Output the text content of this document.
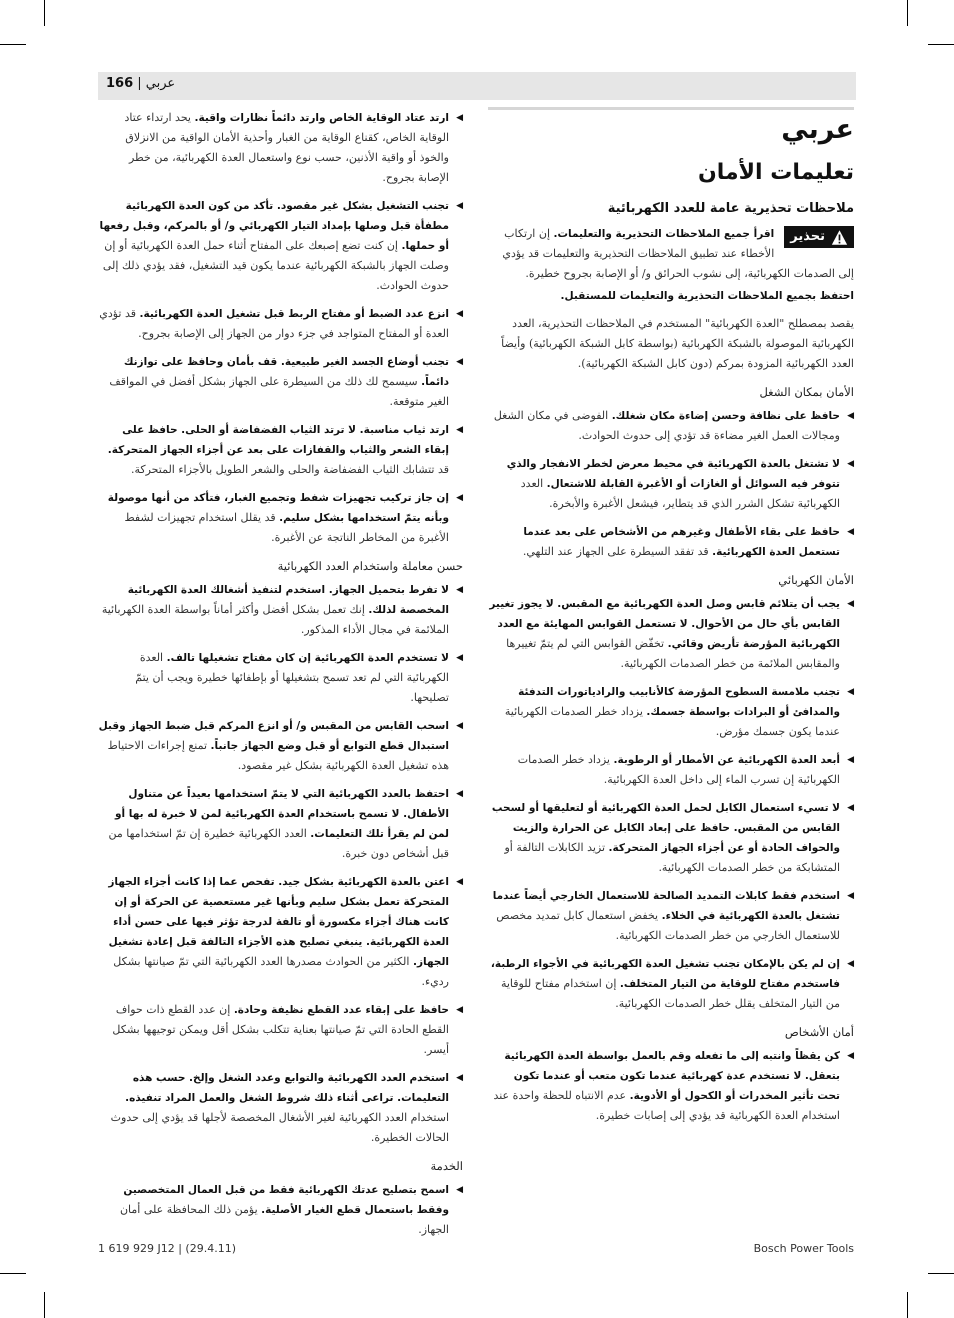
عربي | 166
عربي
تعليمات الأمان
ملاحظات تحذيرية عامة للعدد الكهربائية
تحذير
اقرأ جميع الملاحظات التحذيرية والتعليمات. إن ارتكاب الأخطاء عند تطبيق الملاحظات التحذيرية والتعليمات قد يؤدي إلى الصدمات الكهربائية، إلى نشوب الحرائق و/ أو الإصابة بجروح خطيرة.
احتفظ بجميع الملاحظات التحذيرية والتعليمات للمستقبل.
يقصد بمصطلح "العدة الكهربائية" المستخدم في الملاحظات التحذيرية، العدد الكهربائية الموصولة بالشبكة الكهربائية (بواسطة كابل الشبكة الكهربائية) وأيضاً العدد الكهربائية المزودة بمركم (دون كابل الشبكة الكهربائية).
الأمان بمكان الشغل
◀
حافظ على نظافة وحسن إضاءة مكان شغلك. الفوضى في مكان الشغل ومجالات العمل الغير مضاءة قد تؤدي إلى حدوث الحوادث.
◀
لا تشتغل بالعدة الكهربائية في محيط معرض لخطر الانفجار والذي تتوفر فيه السوائل أو الغازات أو الأغبرة القابلة للاشتعال. العدد الكهربائية تشكل الشرر الذي قد يتطاير، فيشعل الأغبرة والأبخرة.
◀
حافظ على بقاء الأطفال وغيرهم من الأشخاص على بعد عندما تستعمل العدة الكهربائية. قد تفقد السيطرة على الجهاز عند التلهي.
الأمان الكهربائي
◀
يجب أن يتلائم قابس وصل العدة الكهربائية مع المقبس. لا يجوز تغيير القابس بأي حال من الأحوال. لا تستعمل القوابس المهايئة مع العدد الكهربائية المؤرضة تأريض وقائي. تخفّض القوابس التي لم يتمّ تغييرها والمقابس الملائمة من خطر الصدمات الكهربائية.
◀
تجنب ملامسة السطوح المؤرضة كالأنابيب والرادياتورات التدفئة والمدافئ أو البرادات بواسطة جسمك. يزداد خطر الصدمات الكهربائية عندما يكون جسمك مؤرض.
◀
أبعد العدة الكهربائية عن الأمطار أو الرطوبة. يزداد خطر الصدمات الكهربائية إن تسرب الماء إلى داخل العدة الكهربائية.
◀
لا تسيء استعمال الكابل لحمل العدة الكهربائية أو لتعليقها أو لسحب القابس من المقبس. حافظ على إبعاد الكابل عن الحرارة والزيت والحواف الحادة أو عن أجزاء الجهاز المتحركة. تزيد الكابلات التالفة أو المتشابكة من خطر الصدمات الكهربائية.
◀
استخدم فقط كابلات التمديد الصالحة للاستعمال الخارجي أيضاً عندما تشتغل بالعدة الكهربائية في الخلاء. يخفض استعمال كابل تمديد مخصص للاستعمال الخارجي من خطر الصدمات الكهربائية.
◀
إن لم يكن بالإمكان تجنب تشغيل العدة الكهربائية في الأجواء الرطبة، فاستخدم مفتاح للوقاية من التيار المتخلف. إن استخدام مفتاح للوقاية من التيار المتخلف يقلل خطر الصدمات الكهربائية.
أمان الأشخاص
◀
كن يقظاً وانتبه إلى ما تفعله وقم بالعمل بواسطة العدة الكهربائية بتعقل. لا تستخدم عدة كهربائية عندما تكون متعب أو عندما تكون تحت تأثير المخدرات أو الكحول أو الأدوية. عدم الانتباه للحظة واحدة عند استخدام العدة الكهربائية قد يؤدي إلى إصابات خطيرة.
◀
ارتد عتاد الوقاية الخاص وارتد دائماً نظارات واقية. يحد ارتداء عتاد الوقاية الخاص، كقناع الوقاية من الغبار وأحذية الأمان الواقية من الانزلاق والخوذ أو واقية الأذنين، حسب نوع واستعمال العدة الكهربائية، من خطر الإصابة بجروح.
◀
تجنب التشغيل بشكل غير مقصود. تأكد من كون العدة الكهربائية مطفأة قبل وصلها بإمداد التيار الكهربائي و/ أو بالمركم، وقبل رفعها أو حملها. إن كنت تضع إصبعك على المفتاح أثناء حمل العدة الكهربائية أو إن وصلت الجهاز بالشبكة الكهربائية عندما يكون قيد التشغيل، فقد يؤدي ذلك إلى حدوث الحوادث.
◀
انزع عدد الضبط أو مفتاح الربط قبل تشغيل العدة الكهربائية. قد تؤدي العدة أو المفتاح المتواجد في جزء دوار من الجهاز إلى الإصابة بجروح.
◀
تجنب أوضاع الجسد الغير طبيعية. قف بأمان وحافظ على توازنك دائماً. سيسمح لك ذلك من السيطرة على الجهاز بشكل أفضل في المواقف الغير متوقعة.
◀
ارتد ثياب مناسبة. لا ترتد الثياب الفضفاضة أو الحلى. حافظ على إبقاء الشعر والثياب والقفازات على بعد عن أجزاء الجهاز المتحركة. قد تتشابك الثياب الفضفاضة والحلى والشعر الطويل بالأجزاء المتحركة.
◀
إن جاز تركيب تجهيزات شفط وتجميع الغبار، فتأكد من أنها موصولة وبأنه يتمّ استخدامها بشكل سليم. قد يقلل استخدام تجهيزات لشفط الأغبرة من المخاطر الناتجة عن الأغبرة.
حسن معاملة واستخدام العدد الكهربائية
◀
لا تفرط بتحميل الجهاز. استخدم لتنفيذ أشغالك العدة الكهربائية المخصصة لذلك. إنك تعمل بشكل أفضل وأكثر أماناً بواسطة العدة الكهربائية الملائمة في مجال الأداء المذكور.
◀
لا تستخدم العدة الكهربائية إن كان مفتاح تشغيلها تالف. العدة الكهربائية التي لم تعد تسمح بتشغيلها أو بإطفائها خطيرة ويجب أن يتمّ تصليحها.
◀
اسحب القابس من المقبس و/ أو انزع المركم قبل ضبط الجهاز وقبل استبدال قطع التوابع أو قبل وضع الجهاز جانباً. تمنع إجراءات الاحتياط هذه تشغيل العدة الكهربائية بشكل غير مقصود.
◀
احتفظ بالعدد الكهربائية التي لا يتمّ استخدامها بعيداً عن متناول الأطفال. لا تسمح باستخدام العدة الكهربائية لمن لا خبرة له بها أو لمن لم يقرأ تلك التعليمات. العدد الكهربائية خطيرة إن تمّ استخدامها من قبل أشخاص دون خبرة.
◀
اعتن بالعدة الكهربائية بشكل جيد. تفحص عما إذا كانت أجزاء الجهاز المتحركة تعمل بشكل سليم وبأنها غير مستعصية عن الحركة أو إن كانت هناك أجزاء مكسورة أو تالفة لدرجة تؤثر فيها على حسن أداء العدة الكهربائية. ينبغي تصليح هذه الأجزاء التالفة قبل إعادة تشغيل الجهاز. الكثير من الحوادث مصدرها العدد الكهربائية التي تمّ صيانتها بشكل رديء.
◀
حافظ على إبقاء عدد القطع نظيفة وحادة. إن عدد القطع ذات حواف القطع الحادة التي تمّ صيانتها بعناية تتكلب بشكل أقل ويمكن توجيهها بشكل أيسر.
◀
استخدم العدد الكهربائية والتوابع وعدد الشغل وإلخ. حسب هذه التعليمات. تراعى أثناء ذلك شروط الشغل والعمل المراد تنفيذه. استخدام العدد الكهربائية لغير الأشغال المخصصة لأجلها قد يؤدي إلى حدوث الحالات الخطيرة.
الخدمة
◀
اسمح بتصليح عدتك الكهربائية فقط من قبل العمال المتخصصين وفقط باستعمال قطع الغيار الأصلية. يؤمن ذلك المحافظة على أمان الجهاز.
1 619 929 J12 | (29.4.11)	Bosch Power Tools
